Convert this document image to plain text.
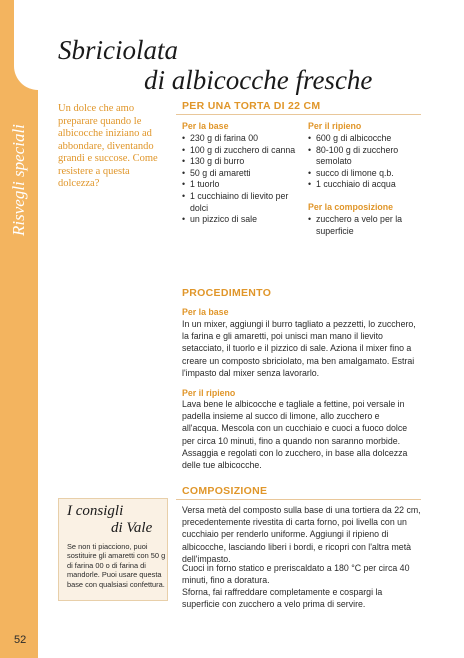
Risvegli speciali
52
Sbriciolata
di albicocche fresche
Un dolce che amo preparare quando le albicocche iniziano ad abbondare, diventando grandi e succose. Come resistere a questa dolcezza?
PER UNA TORTA DI 22 CM
Per la base
• 230 g di farina 00
• 100 g di zucchero di canna
• 130 g di burro
• 50 g di amaretti
• 1 tuorlo
• 1 cucchiaino di lievito per dolci
• un pizzico di sale
Per il ripieno
• 600 g di albicocche
• 80-100 g di zucchero semolato
• succo di limone q.b.
• 1 cucchiaio di acqua
Per la composizione
• zucchero a velo per la superficie
PROCEDIMENTO
Per la base

In un mixer, aggiungi il burro tagliato a pezzetti, lo zucchero, la farina e gli amaretti, poi unisci man mano il lievito setacciato, il tuorlo e il pizzico di sale. Aziona il mixer fino a creare un composto sbriciolato, ma ben amalgamato. Estrai l'impasto dal mixer senza lavorarlo.

Per il ripieno

Lava bene le albicocche e tagliale a fettine, poi versale in padella insieme al succo di limone, allo zucchero e all'acqua. Mescola con un cucchiaio e cuoci a fuoco dolce per circa 10 minuti, fino a quando non saranno morbide. Assaggia e regolati con lo zucchero, in base alla dolcezza delle tue albicocche.

COMPOSIZIONE

Versa metà del composto sulla base di una tortiera da 22 cm, precedentemente rivestita di carta forno, poi livella con un cucchiaio per renderlo uniforme. Aggiungi il ripieno di albicocche, lasciando liberi i bordi, e ricopri con l'altra metà dell'impasto.

Cuoci in forno statico e preriscaldato a 180 °C per circa 40 minuti, fino a doratura.

Sforna, fai raffreddare completamente e cospargi la superficie con zucchero a velo prima di servire.

I consigli
di Vale
Se non ti piacciono, puoi sostituire gli amaretti con 50 g di farina 00 o di farina di mandorle. Puoi usare questa base con qualsiasi confettura.
